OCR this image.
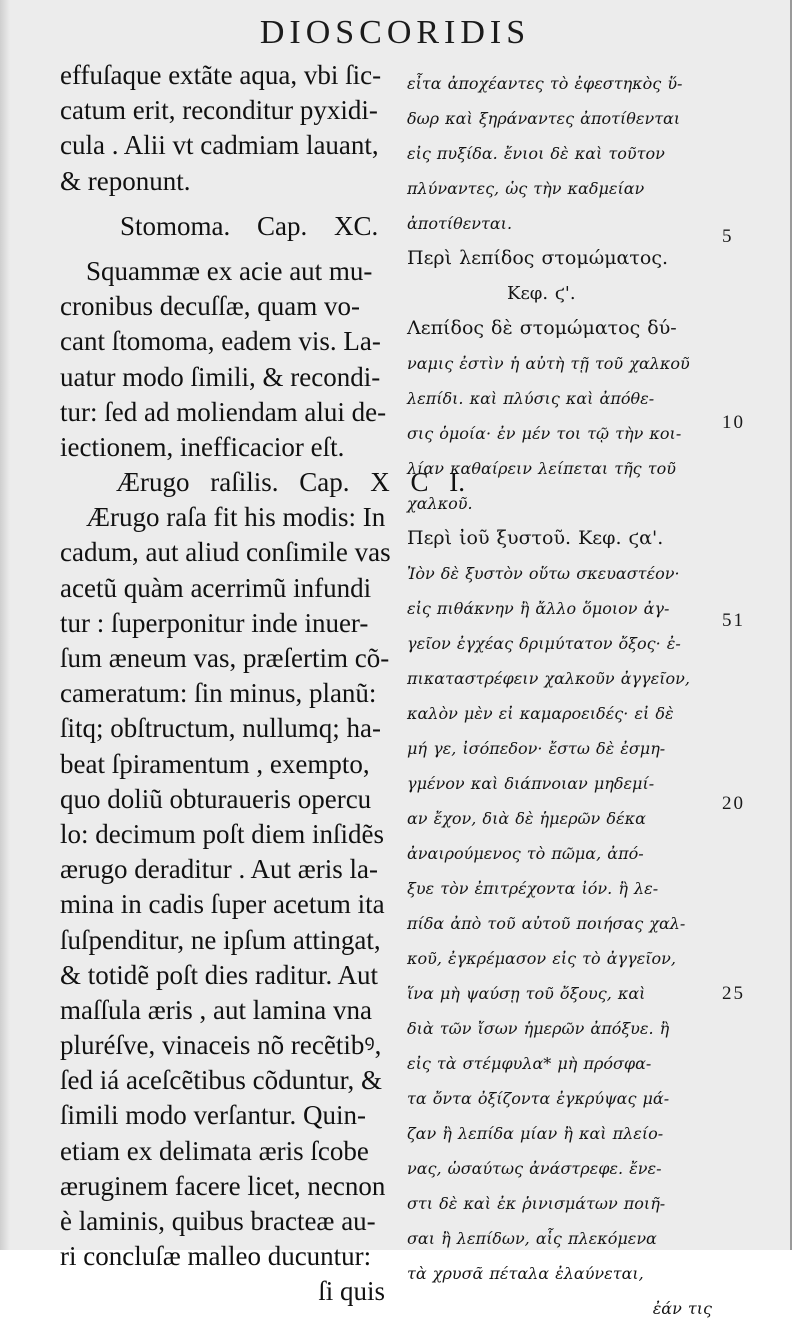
DIOSCORIDIS
effuſaque extãte aqua, vbi ſic-
catum erit, reconditur pyxidi-
cula . Alii vt cadmiam lauant,
& reponunt.
Stomoma. Cap. XC.
Squammæ ex acie aut mu-
cronibus decuſſæ, quam vo-
cant ſtomoma, eadem vis. La-
uatur modo ſimili, & recondi-
tur: ſed ad moliendam alui de-
iectionem, inefficacior eſt.
Ærugo raſilis. Cap. X C I.
Ærugo raſa fit his modis: In
cadum, aut aliud conſimile vas
acetũ quàm acerrimũ infundi
tur : ſuperponitur inde inuer-
ſum æneum vas, præſertim cõ-
cameratum: ſin minus, planũ:
ſitq; obſtructum, nullumq; ha-
beat ſpiramentum , exempto,
quo doliũ obturaueris opercu
lo: decimum poſt diem inſidẽs
ærugo deraditur . Aut æris la-
mina in cadis ſuper acetum ita
ſuſpenditur, ne ipſum attingat,
& totidẽ poſt dies raditur. Aut
maſſula æris , aut lamina vna
pluréſve, vinaceis nõ recẽtibꝰ,
ſed iá aceſcẽtibus cõduntur, &
ſimili modo verſantur. Quin-
etiam ex delimata æris ſcobe
æruginem facere licet, necnon
è laminis, quibus bracteæ au-
ri concluſæ malleo ducuntur:
ſi quis
εἶτα ἀποχέαντες τὸ ἐφεστηκὸς ὕ-
δωρ καὶ ξηράναντες ἀποτίθενται
εἰς πυξίδα. ἔνιοι δὲ καὶ τοῦτον
πλύναντες, ὡς τὴν καδμείαν
ἀποτίθενται.
Περὶ λεπίδος στομώματος.
Κεφ. ϛ'.
Λεπίδος δὲ στομώματος δύ-
ναμις ἐστὶν ἡ αὐτὴ τῇ τοῦ χαλκοῦ
λεπίδι. καὶ πλύσις καὶ ἀπόθε-
σις ὁμοία· ἐν μέν τοι τῷ τὴν κοι-
λίαν καθαίρειν λείπεται τῆς τοῦ
χαλκοῦ.
Περὶ ἰοῦ ξυστοῦ. Κεφ. ϛα'.
Ἰὸν δὲ ξυστὸν οὕτω σκευαστέον·
εἰς πιθάκνην ἢ ἄλλο ὅμοιον ἀγ-
γεῖον ἐγχέας δριμύτατον ὄξος· ἐ-
πικαταστρέφειν χαλκοῦν ἀγγεῖον,
καλὸν μὲν εἰ καμαροειδές· εἰ δὲ
μή γε, ἰσόπεδον· ἔστω δὲ ἐσμη-
γμένον καὶ διάπνοιαν μηδεμί-
αν ἔχον, διὰ δὲ ἡμερῶν δέκα
ἀναιρούμενος τὸ πῶμα, ἀπό-
ξυε τὸν ἐπιτρέχοντα ἰόν. ἢ λε-
πίδα ἀπὸ τοῦ αὐτοῦ ποιήσας χαλ-
κοῦ, ἐγκρέμασον εἰς τὸ ἀγγεῖον,
ἵνα μὴ ψαύσῃ τοῦ ὄξους, καὶ
διὰ τῶν ἴσων ἡμερῶν ἀπόξυε. ἢ
εἰς τὰ στέμφυλα* μὴ πρόσφα-
τα ὄντα ὀξίζοντα ἐγκρύψας μά-
ζαν ἢ λεπίδα μίαν ἢ καὶ πλείο-
νας, ὡσαύτως ἀνάστρεφε. ἔνε-
στι δὲ καὶ ἐκ ῥινισμάτων ποιῆ-
σαι ἢ λεπίδων, αἷς πλεκόμενα
τὰ χρυσᾶ πέταλα ἐλαύνεται,
ἐάν τις
5
10
51
20
25
